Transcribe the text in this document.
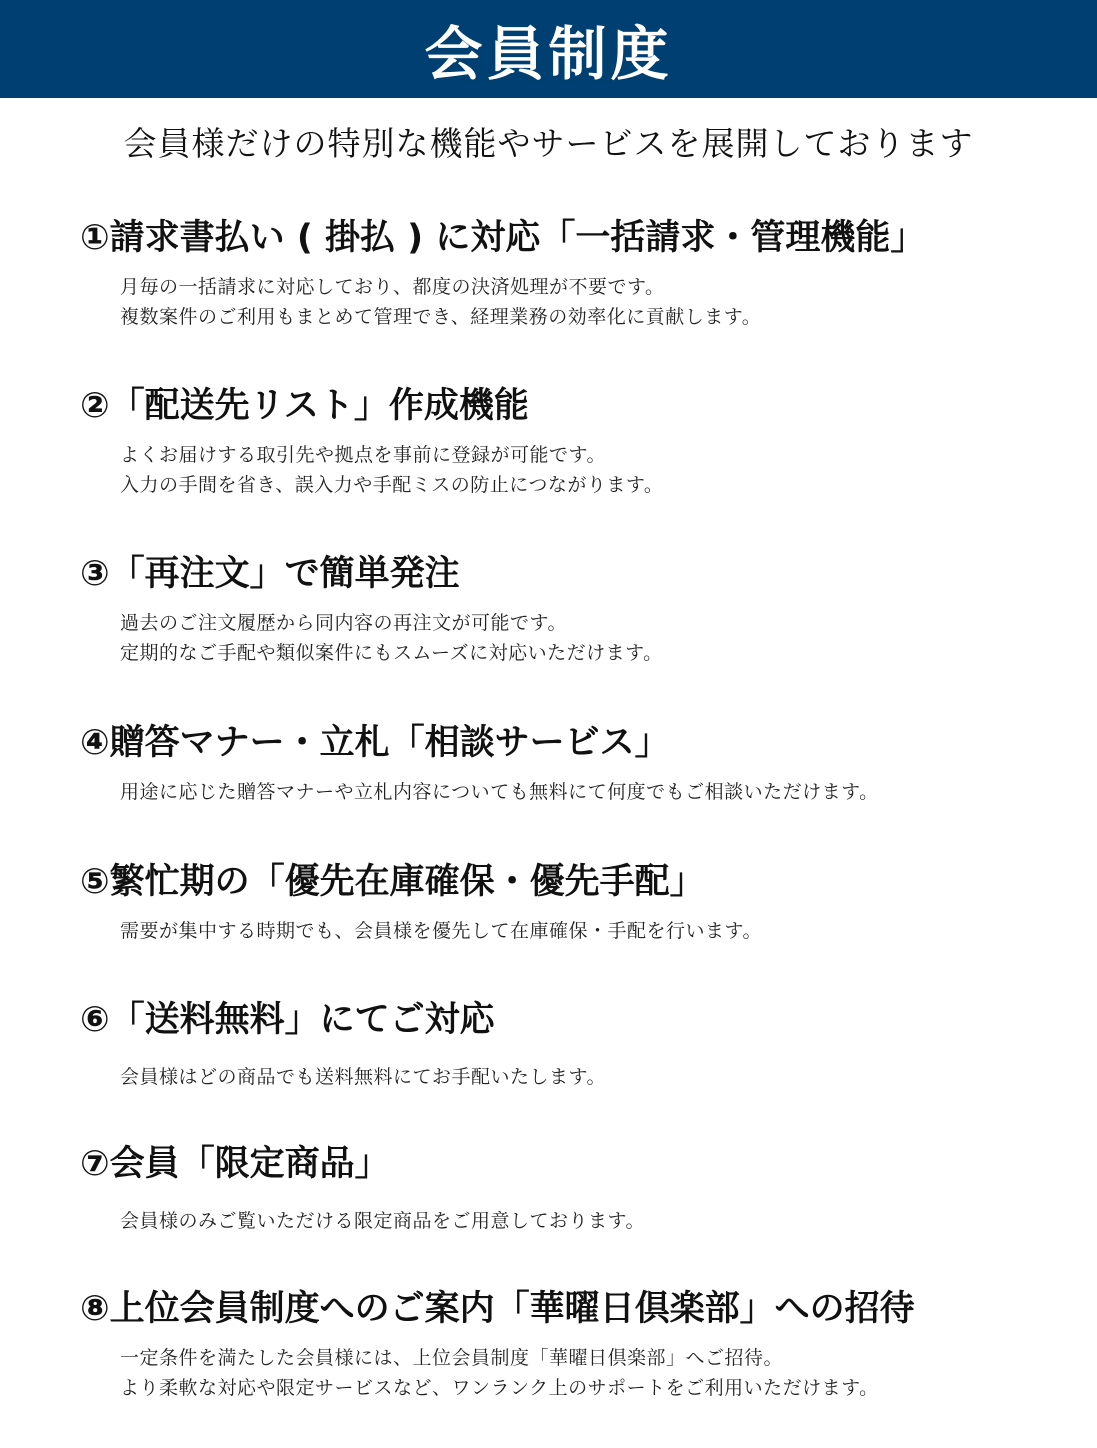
会員制度
会員様だけの特別な機能やサービスを展開しております
①請求書払い ( 掛払 ) に対応「一括請求・管理機能」
月毎の一括請求に対応しており、都度の決済処理が不要です。
複数案件のご利用もまとめて管理でき、経理業務の効率化に貢献します。
②「配送先リスト」作成機能
よくお届けする取引先や拠点を事前に登録が可能です。
入力の手間を省き、誤入力や手配ミスの防止につながります。
③「再注文」で簡単発注
過去のご注文履歴から同内容の再注文が可能です。
定期的なご手配や類似案件にもスムーズに対応いただけます。
④贈答マナー・立札「相談サービス」
用途に応じた贈答マナーや立札内容についても無料にて何度でもご相談いただけます。
⑤繁忙期の「優先在庫確保・優先手配」
需要が集中する時期でも、会員様を優先して在庫確保・手配を行います。
⑥「送料無料」にてご対応
会員様はどの商品でも送料無料にてお手配いたします。
⑦会員「限定商品」
会員様のみご覧いただける限定商品をご用意しております。
⑧上位会員制度へのご案内「華曜日倶楽部」への招待
一定条件を満たした会員様には、上位会員制度「華曜日倶楽部」へご招待。
より柔軟な対応や限定サービスなど、ワンランク上のサポートをご利用いただけます。
